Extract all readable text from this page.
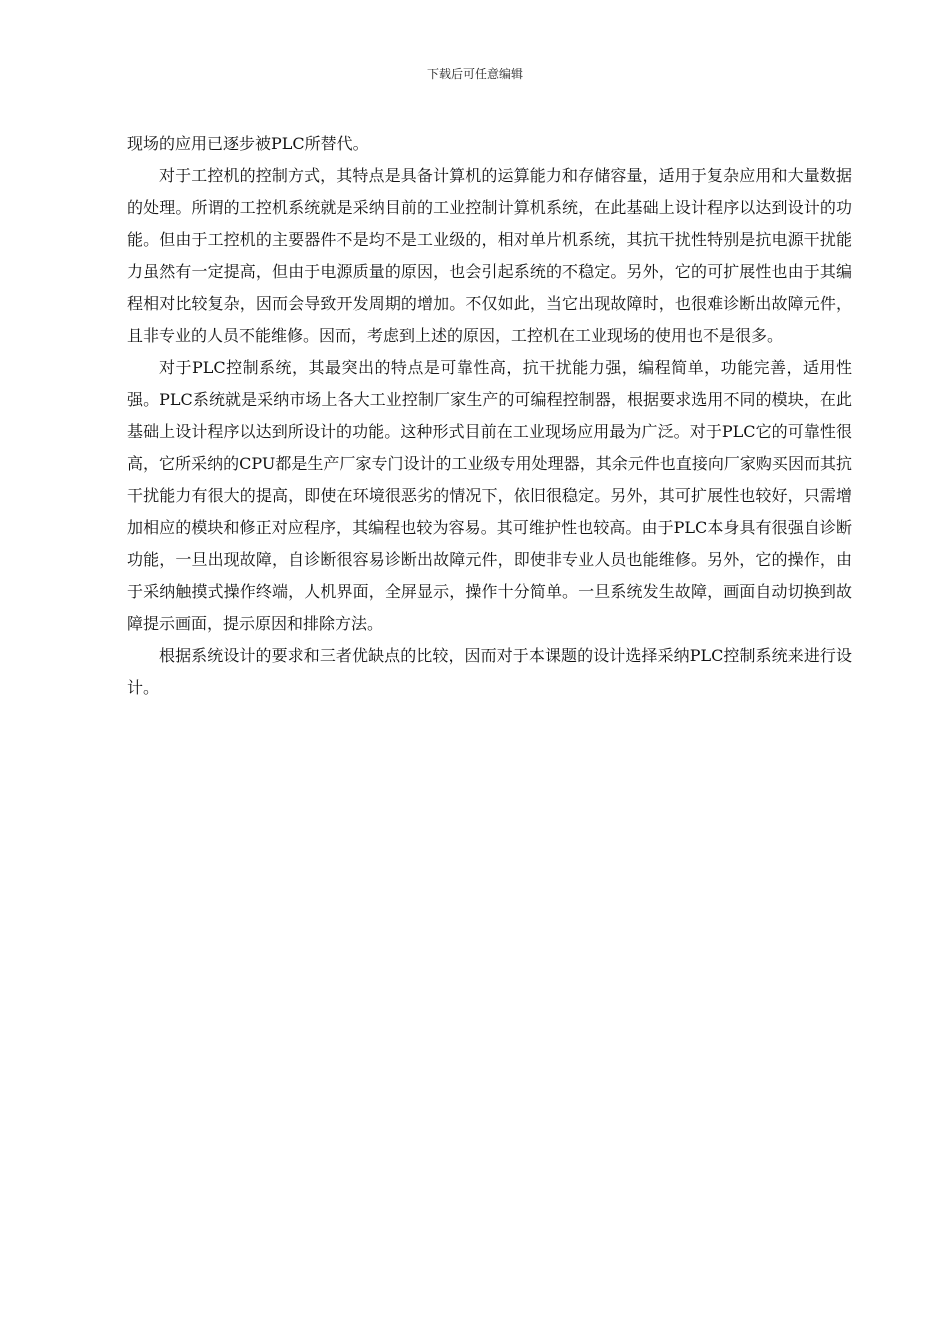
下载后可任意编辑

现场的应用已逐步被PLC所替代。

对于工控机的控制方式，其特点是具备计算机的运算能力和存储容量，适用于复杂应用和大量数据的处理。所谓的工控机系统就是采纳目前的工业控制计算机系统，在此基础上设计程序以达到设计的功能。但由于工控机的主要器件不是均不是工业级的，相对单片机系统，其抗干扰性特别是抗电源干扰能力虽然有一定提高，但由于电源质量的原因，也会引起系统的不稳定。另外，它的可扩展性也由于其编程相对比较复杂，因而会导致开发周期的增加。不仅如此，当它出现故障时，也很难诊断出故障元件，且非专业的人员不能维修。因而，考虑到上述的原因，工控机在工业现场的使用也不是很多。

对于PLC控制系统，其最突出的特点是可靠性高，抗干扰能力强，编程简单，功能完善，适用性强。PLC系统就是采纳市场上各大工业控制厂家生产的可编程控制器，根据要求选用不同的模块，在此基础上设计程序以达到所设计的功能。这种形式目前在工业现场应用最为广泛。对于PLC它的可靠性很高，它所采纳的CPU都是生产厂家专门设计的工业级专用处理器，其余元件也直接向厂家购买因而其抗干扰能力有很大的提高，即使在环境很恶劣的情况下，依旧很稳定。另外，其可扩展性也较好，只需增加相应的模块和修正对应程序，其编程也较为容易。其可维护性也较高。由于PLC本身具有很强自诊断功能，一旦出现故障，自诊断很容易诊断出故障元件，即使非专业人员也能维修。另外，它的操作，由于采纳触摸式操作终端，人机界面，全屏显示，操作十分简单。一旦系统发生故障，画面自动切换到故障提示画面，提示原因和排除方法。

根据系统设计的要求和三者优缺点的比较，因而对于本课题的设计选择采纳PLC控制系统来进行设计。
